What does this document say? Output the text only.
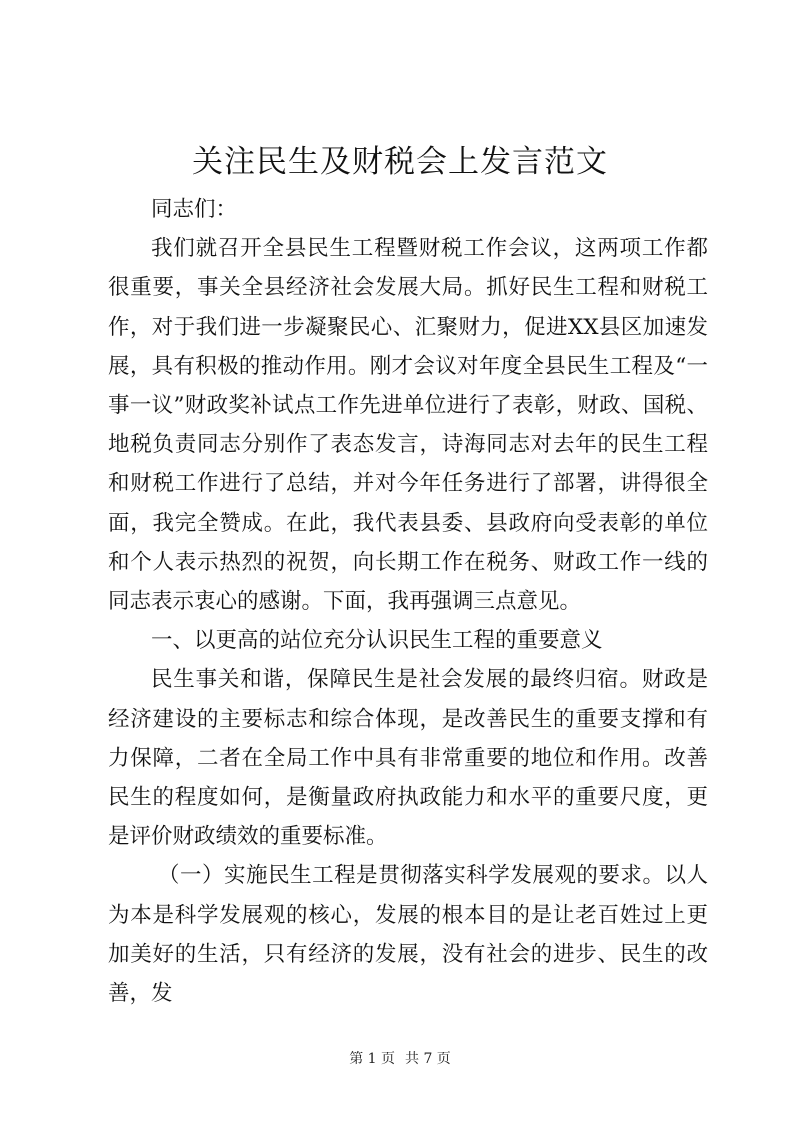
关注民生及财税会上发言范文

同志们：

我们就召开全县民生工程暨财税工作会议，这两项工作都很重要，事关全县经济社会发展大局。抓好民生工程和财税工作，对于我们进一步凝聚民心、汇聚财力，促进XX县区加速发展，具有积极的推动作用。刚才会议对年度全县民生工程及“一事一议”财政奖补试点工作先进单位进行了表彰，财政、国税、地税负责同志分别作了表态发言，诗海同志对去年的民生工程和财税工作进行了总结，并对今年任务进行了部署，讲得很全面，我完全赞成。在此，我代表县委、县政府向受表彰的单位和个人表示热烈的祝贺，向长期工作在税务、财政工作一线的同志表示衷心的感谢。下面，我再强调三点意见。

一、以更高的站位充分认识民生工程的重要意义

民生事关和谐，保障民生是社会发展的最终归宿。财政是经济建设的主要标志和综合体现，是改善民生的重要支撑和有力保障，二者在全局工作中具有非常重要的地位和作用。改善民生的程度如何，是衡量政府执政能力和水平的重要尺度，更是评价财政绩效的重要标准。

（一）实施民生工程是贯彻落实科学发展观的要求。以人为本是科学发展观的核心，发展的根本目的是让老百姓过上更加美好的生活，只有经济的发展，没有社会的进步、民生的改善，发

第 1 页 共 7 页
